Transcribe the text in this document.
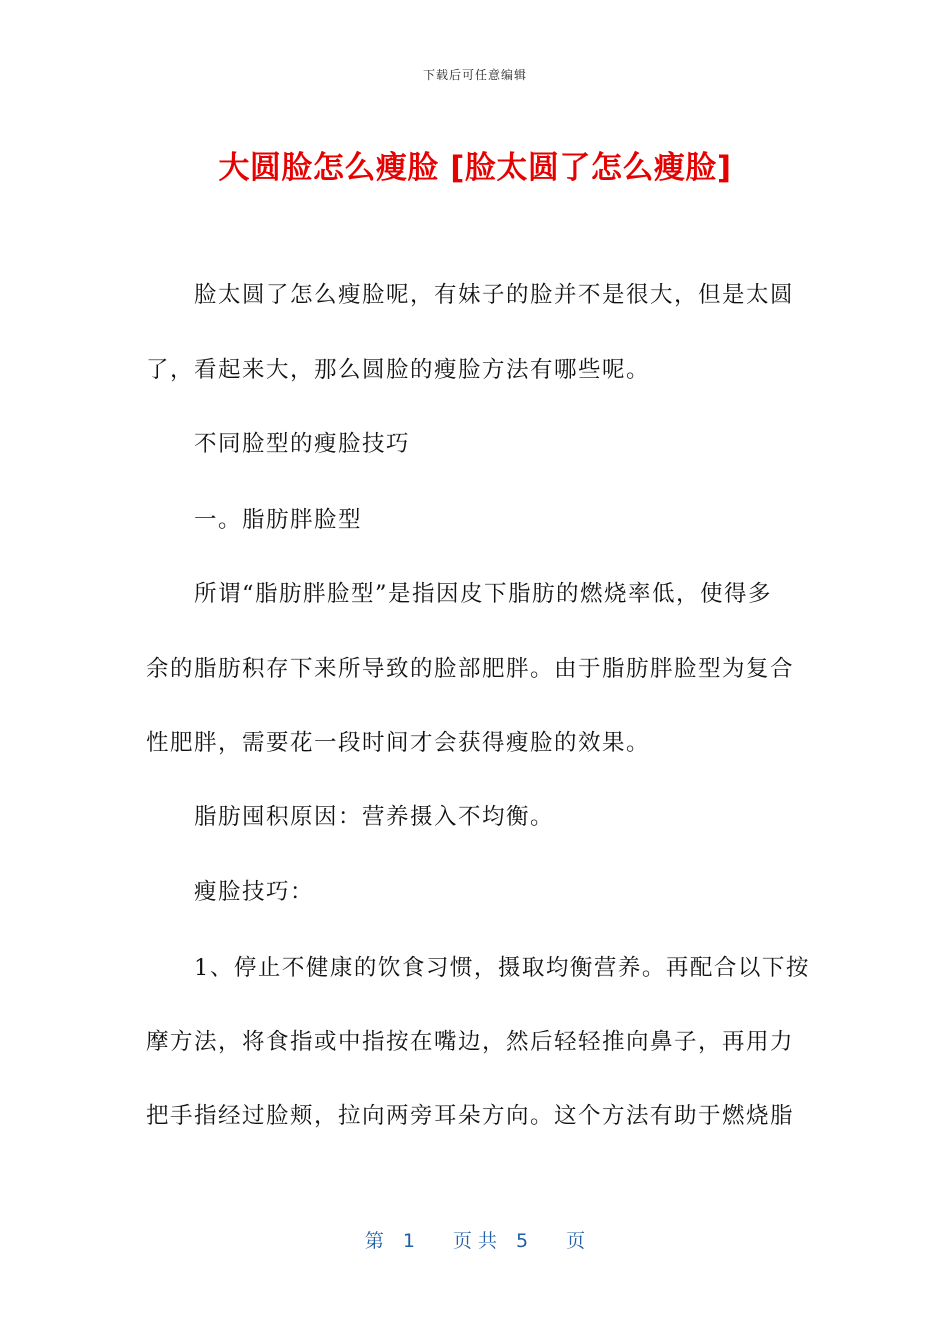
下载后可任意编辑
大圆脸怎么瘦脸 [脸太圆了怎么瘦脸]
　　脸太圆了怎么瘦脸呢，有妹子的脸并不是很大，但是太圆
了，看起来大，那么圆脸的瘦脸方法有哪些呢。
　　不同脸型的瘦脸技巧
　　一。脂肪胖脸型
　　所谓“脂肪胖脸型”是指因皮下脂肪的燃烧率低，使得多
余的脂肪积存下来所导致的脸部肥胖。由于脂肪胖脸型为复合
性肥胖，需要花一段时间才会获得瘦脸的效果。
　　脂肪囤积原因：营养摄入不均衡。
　　瘦脸技巧：
　　1、停止不健康的饮食习惯，摄取均衡营养。再配合以下按
摩方法，将食指或中指按在嘴边，然后轻轻推向鼻子，再用力
把手指经过脸颊，拉向两旁耳朵方向。这个方法有助于燃烧脂
第　1　　页 共　5　　页
